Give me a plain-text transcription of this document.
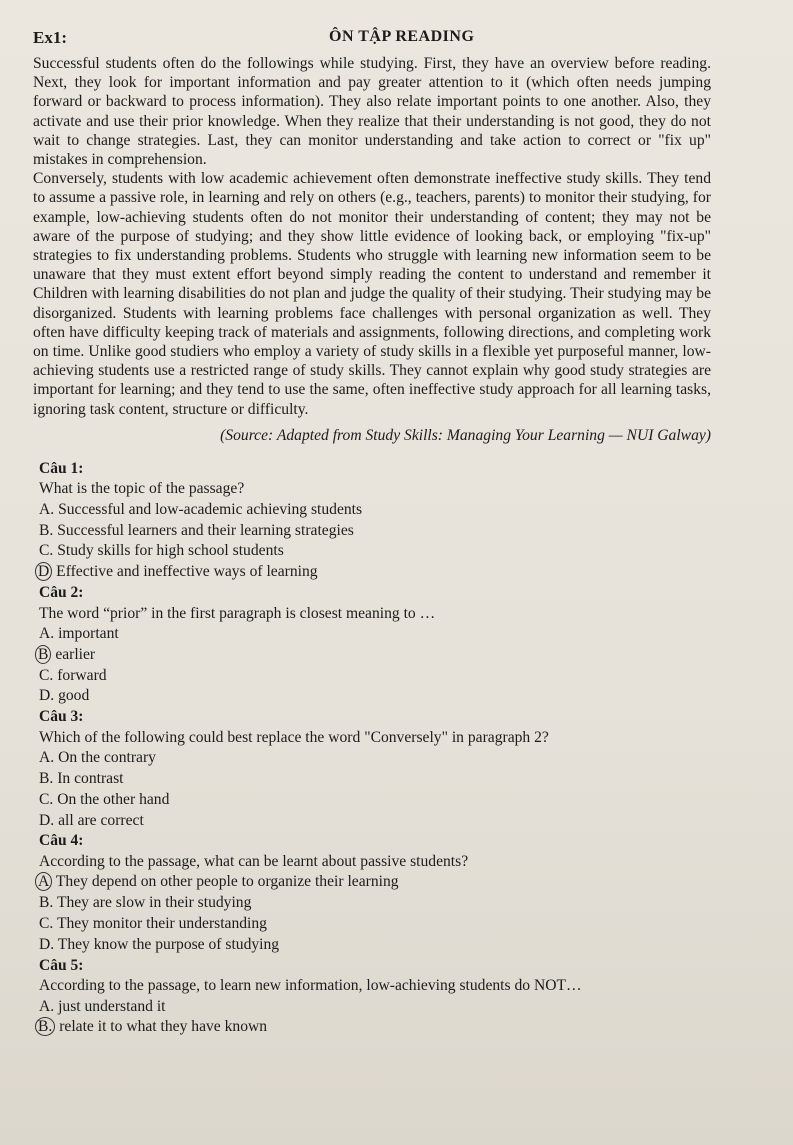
Ex1:	ÔN TẬP READING

Successful students often do the followings while studying. First, they have an overview before reading. Next, they look for important information and pay greater attention to it (which often needs jumping forward or backward to process information). They also relate important points to one another. Also, they activate and use their prior knowledge. When they realize that their understanding is not good, they do not wait to change strategies. Last, they can monitor understanding and take action to correct or "fix up" mistakes in comprehension.

Conversely, students with low academic achievement often demonstrate ineffective study skills. They tend to assume a passive role, in learning and rely on others (e.g., teachers, parents) to monitor their studying, for example, low-achieving students often do not monitor their understanding of content; they may not be aware of the purpose of studying; and they show little evidence of looking back, or employing "fix-up" strategies to fix understanding problems. Students who struggle with learning new information seem to be unaware that they must extent effort beyond simply reading the content to understand and remember it Children with learning disabilities do not plan and judge the quality of their studying. Their studying may be disorganized. Students with learning problems face challenges with personal organization as well. They often have difficulty keeping track of materials and assignments, following directions, and completing work on time. Unlike good studiers who employ a variety of study skills in a flexible yet purposeful manner, low-achieving students use a restricted range of study skills. They cannot explain why good study strategies are important for learning; and they tend to use the same, often ineffective study approach for all learning tasks, ignoring task content, structure or difficulty.

(Source: Adapted from Study Skills: Managing Your Learning — NUI Galway)
Câu 1:
What is the topic of the passage?
A. Successful and low-academic achieving students
B. Successful learners and their learning strategies
C. Study skills for high school students
D Effective and ineffective ways of learning
Câu 2:
The word “prior” in the first paragraph is closest meaning to …
A. important
B earlier
C. forward
D. good
Câu 3:
Which of the following could best replace the word "Conversely" in paragraph 2?
A. On the contrary
B. In contrast
C. On the other hand
D. all are correct
Câu 4:
According to the passage, what can be learnt about passive students?
A They depend on other people to organize their learning
B. They are slow in their studying
C. They monitor their understanding
D. They know the purpose of studying
Câu 5:
According to the passage, to learn new information, low-achieving students do NOT…
A. just understand it
B. relate it to what they have known
